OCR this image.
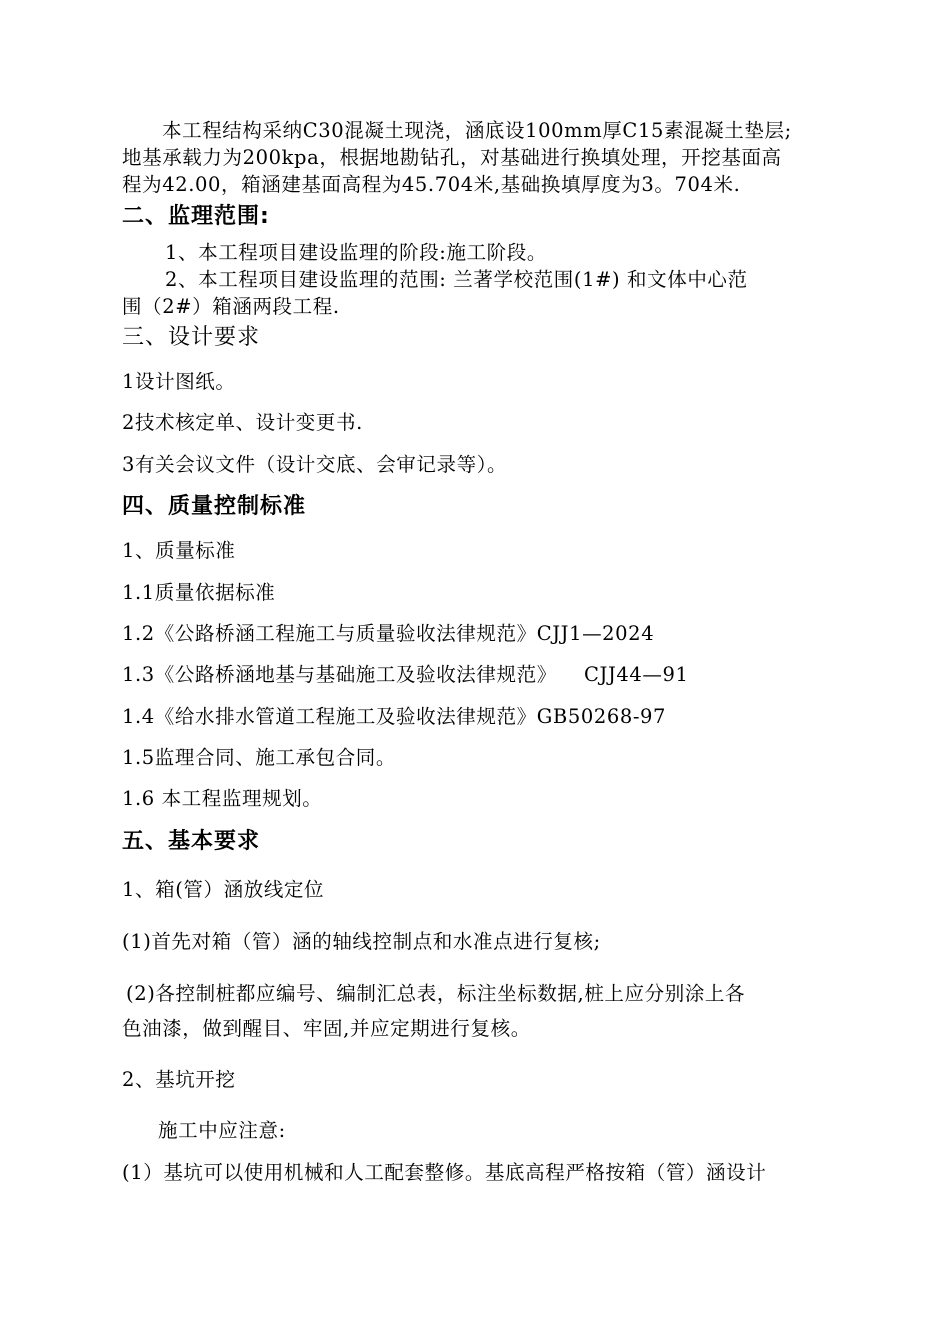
本工程结构采纳C30混凝土现浇，涵底设100mm厚C15素混凝土垫层;
地基承载力为200kpa，根据地勘钻孔，对基础进行换填处理，开挖基面高
程为42.00，箱涵建基面高程为45.704米,基础换填厚度为3。704米.
二、监理范围:
1、本工程项目建设监理的阶段:施工阶段。
2、本工程项目建设监理的范围: 兰著学校范围(1#) 和文体中心范
围（2#）箱涵两段工程.
三、设计要求
1设计图纸。
2技术核定单、设计变更书.
3有关会议文件（设计交底、会审记录等）。
四、质量控制标准
1、质量标准
1.1质量依据标准
1.2《公路桥涵工程施工与质量验收法律规范》CJJ1—2024
1.3《公路桥涵地基与基础施工及验收法律规范》    CJJ44—91
1.4《给水排水管道工程施工及验收法律规范》GB50268-97
1.5监理合同、施工承包合同。
1.6 本工程监理规划。
五、基本要求
1、箱(管）涵放线定位
(1)首先对箱（管）涵的轴线控制点和水准点进行复核;
(2)各控制桩都应编号、编制汇总表，标注坐标数据,桩上应分别涂上各
色油漆，做到醒目、牢固,并应定期进行复核。
2、基坑开挖
施工中应注意:
(1）基坑可以使用机械和人工配套整修。基底高程严格按箱（管）涵设计
